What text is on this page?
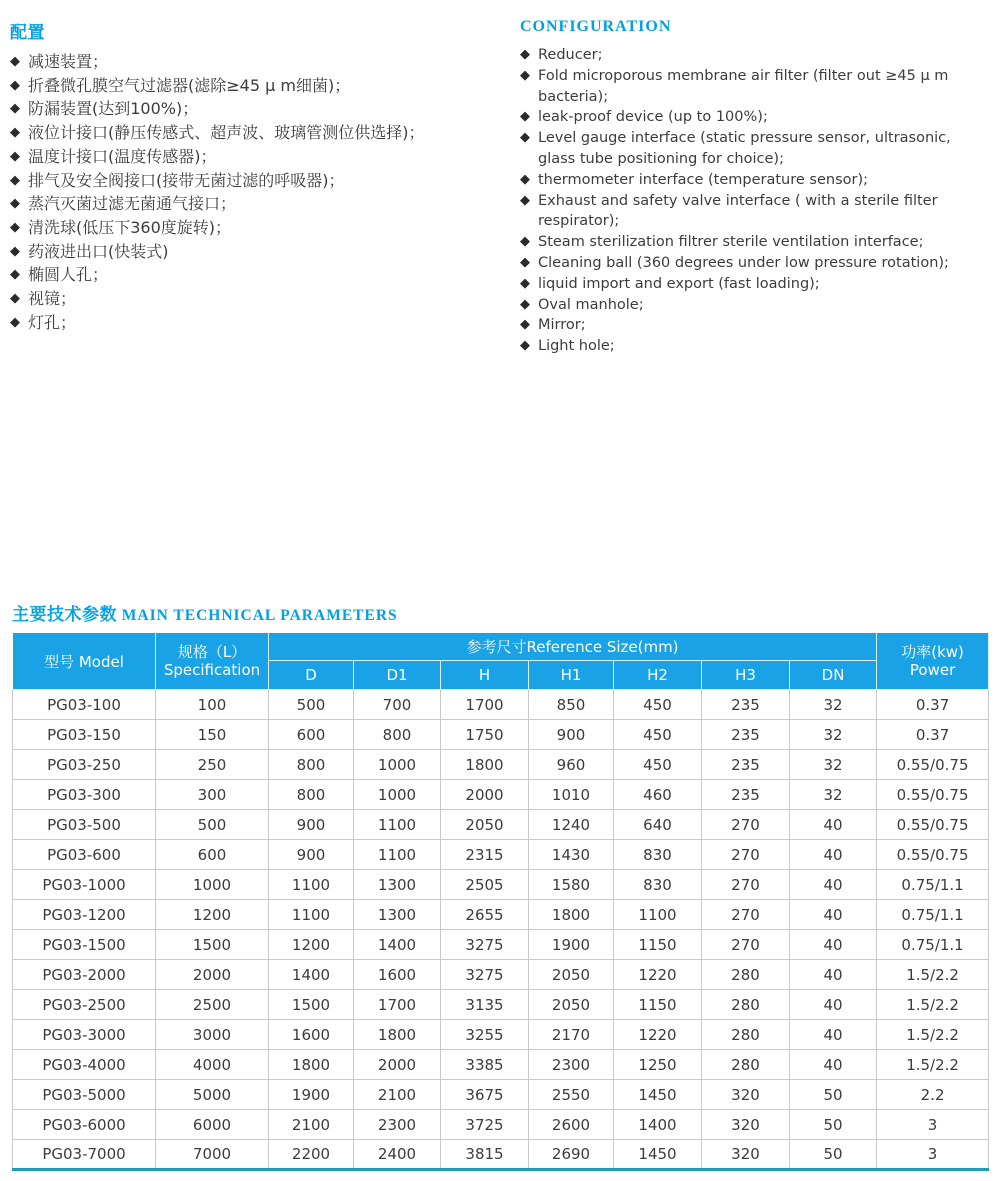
配置
◆ 减速装置；
◆ 折叠微孔膜空气过滤器(滤除≥45 μ m细菌)；
◆ 防漏装置(达到100%)；
◆ 液位计接口(静压传感式、超声波、玻璃管测位供选择)；
◆ 温度计接口(温度传感器)；
◆ 排气及安全阀接口(接带无菌过滤的呼吸器)；
◆ 蒸汽灭菌过滤无菌通气接口；
◆ 清洗球(低压下360度旋转)；
◆ 药液进出口(快装式)
◆ 椭圆人孔；
◆ 视镜；
◆ 灯孔；
CONFIGURATION
◆ Reducer;
◆ Fold microporous membrane air filter (filter out ≥45 μ m bacteria);
◆ leak-proof device (up to 100%);
◆ Level gauge interface (static pressure sensor, ultrasonic, glass tube positioning for choice);
◆ thermometer interface (temperature sensor);
◆ Exhaust and safety valve interface ( with a sterile filter respirator);
◆ Steam sterilization filtrer sterile ventilation interface;
◆ Cleaning ball (360 degrees under low pressure rotation);
◆ liquid import and export (fast loading);
◆ Oval manhole;
◆ Mirror;
◆ Light hole;
主要技术参数 MAIN TECHNICAL PARAMETERS
型号 Model	规格（L）
Specification	参考尺寸Reference Size(mm)							功率(kw)
Power

		D	D1	H	H1	H2	H3	DN	
PG03-100	100	500	700	1700	850	450	235	32	0.37
PG03-150	150	600	800	1750	900	450	235	32	0.37
PG03-250	250	800	1000	1800	960	450	235	32	0.55/0.75
PG03-300	300	800	1000	2000	1010	460	235	32	0.55/0.75
PG03-500	500	900	1100	2050	1240	640	270	40	0.55/0.75
PG03-600	600	900	1100	2315	1430	830	270	40	0.55/0.75
PG03-1000	1000	1100	1300	2505	1580	830	270	40	0.75/1.1
PG03-1200	1200	1100	1300	2655	1800	1100	270	40	0.75/1.1
PG03-1500	1500	1200	1400	3275	1900	1150	270	40	0.75/1.1
PG03-2000	2000	1400	1600	3275	2050	1220	280	40	1.5/2.2
PG03-2500	2500	1500	1700	3135	2050	1150	280	40	1.5/2.2
PG03-3000	3000	1600	1800	3255	2170	1220	280	40	1.5/2.2
PG03-4000	4000	1800	2000	3385	2300	1250	280	40	1.5/2.2
PG03-5000	5000	1900	2100	3675	2550	1450	320	50	2.2
PG03-6000	6000	2100	2300	3725	2600	1400	320	50	3
PG03-7000	7000	2200	2400	3815	2690	1450	320	50	3
